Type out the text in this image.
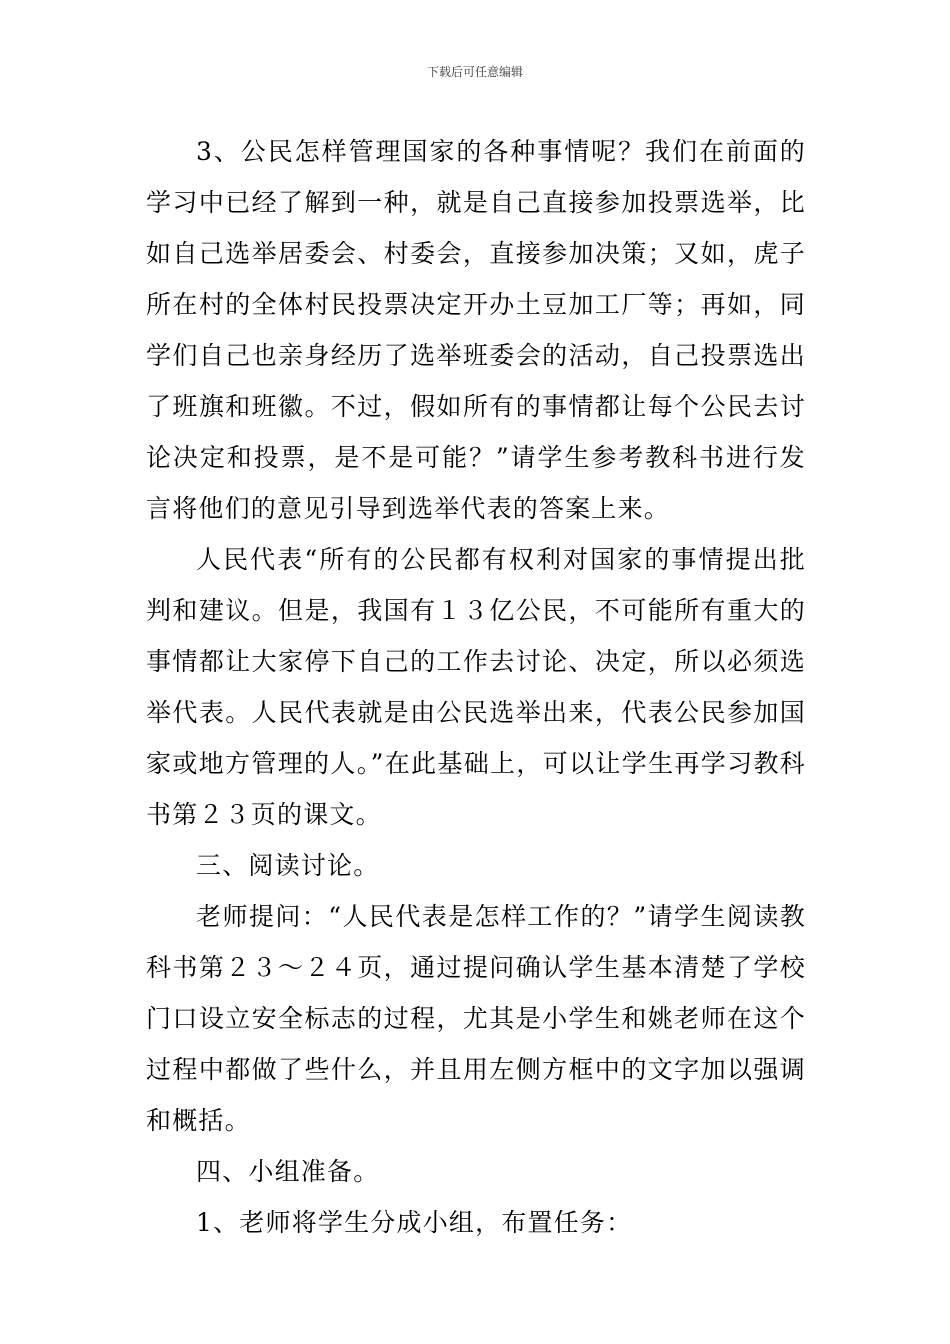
下载后可任意编辑

3、公民怎样管理国家的各种事情呢？我们在前面的学习中已经了解到一种，就是自己直接参加投票选举，比如自己选举居委会、村委会，直接参加决策；又如，虎子所在村的全体村民投票决定开办土豆加工厂等；再如，同学们自己也亲身经历了选举班委会的活动，自己投票选出了班旗和班徽。不过，假如所有的事情都让每个公民去讨论决定和投票，是不是可能？”请学生参考教科书进行发言将他们的意见引导到选举代表的答案上来。

人民代表“所有的公民都有权利对国家的事情提出批判和建议。但是，我国有１３亿公民，不可能所有重大的事情都让大家停下自己的工作去讨论、决定，所以必须选举代表。人民代表就是由公民选举出来，代表公民参加国家或地方管理的人。”在此基础上，可以让学生再学习教科书第２３页的课文。

三、阅读讨论。

老师提问：“人民代表是怎样工作的？”请学生阅读教科书第２３～２４页，通过提问确认学生基本清楚了学校门口设立安全标志的过程，尤其是小学生和姚老师在这个过程中都做了些什么，并且用左侧方框中的文字加以强调和概括。

四、小组准备。

1、老师将学生分成小组，布置任务：
